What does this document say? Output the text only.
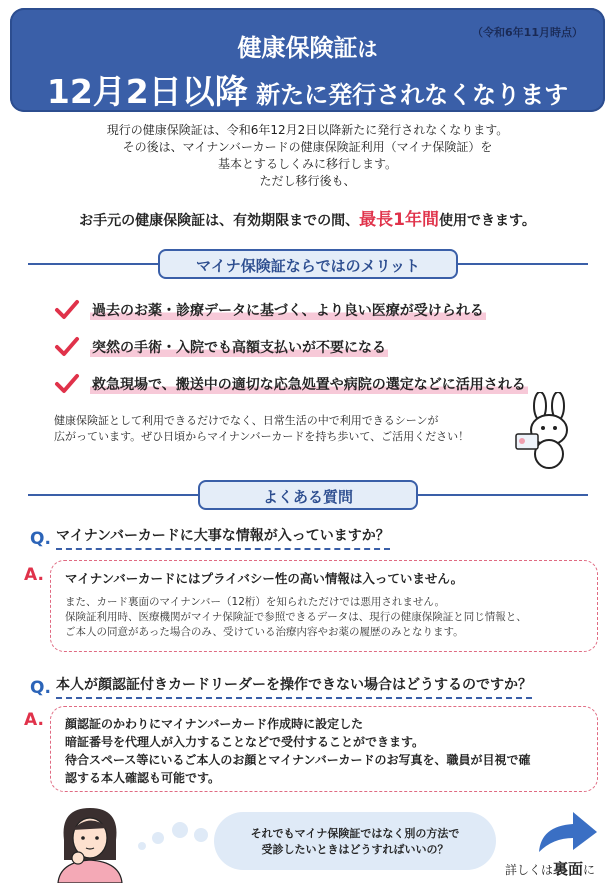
（令和6年11月時点）
健康保険証は
12月2日以降 新たに発行されなくなります
現行の健康保険証は、令和6年12月2日以降新たに発行されなくなります。
その後は、マイナンバーカードの健康保険証利用（マイナ保険証）を
基本とするしくみに移行します。
ただし移行後も、
お手元の健康保険証は、有効期限までの間、最長1年間使用できます。
マイナ保険証ならではのメリット
過去のお薬・診療データに基づく、より良い医療が受けられる
突然の手術・入院でも高額支払いが不要になる
救急現場で、搬送中の適切な応急処置や病院の選定などに活用される
健康保険証として利用できるだけでなく、日常生活の中で利用できるシーンが
広がっています。ぜひ日頃からマイナンバーカードを持ち歩いて、ご活用ください！
よくある質問
Q. マイナンバーカードに大事な情報が入っていますか？
A. マイナンバーカードにはプライバシー性の高い情報は入っていません。
また、カード裏面のマイナンバー（12桁）を知られただけでは悪用されません。
保険証利用時、医療機関がマイナ保険証で参照できるデータは、現行の健康保険証と同じ情報と、
ご本人の同意があった場合のみ、受けている治療内容やお薬の履歴のみとなります。
Q. 本人が顔認証付きカードリーダーを操作できない場合はどうするのですか？
A. 顔認証のかわりにマイナンバーカード作成時に設定した
暗証番号を代理人が入力することなどで受付することができます。
待合スペース等にいるご本人のお顔とマイナンバーカードのお写真を、職員が目視で確
認する本人確認も可能です。
それでもマイナ保険証ではなく別の方法で
受診したいときはどうすればいいの？
詳しくは裏面に
